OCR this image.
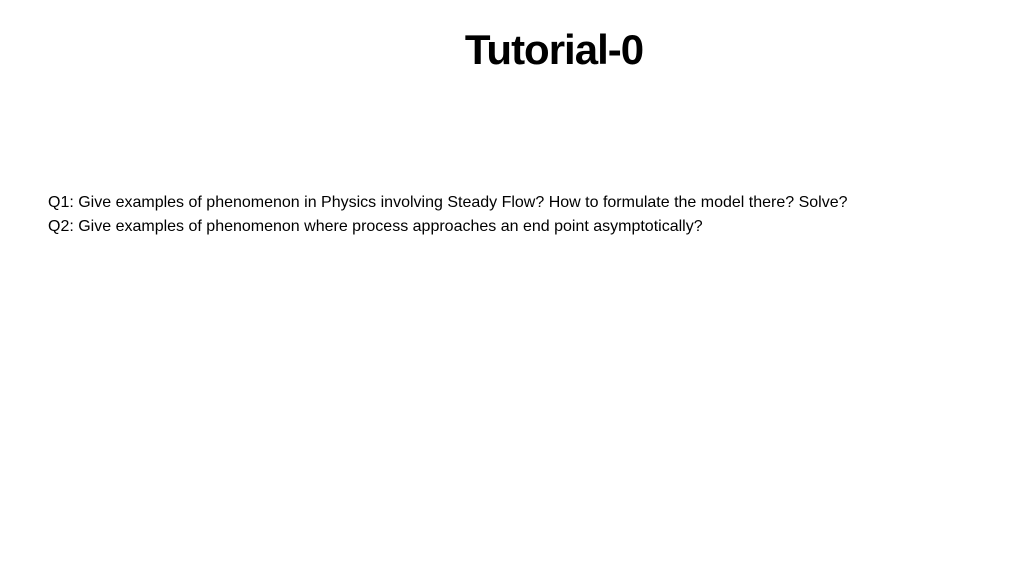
Tutorial-0
Q1: Give examples of phenomenon in Physics involving Steady Flow? How to formulate the model there? Solve?
Q2: Give examples of phenomenon where process approaches an end point asymptotically?
